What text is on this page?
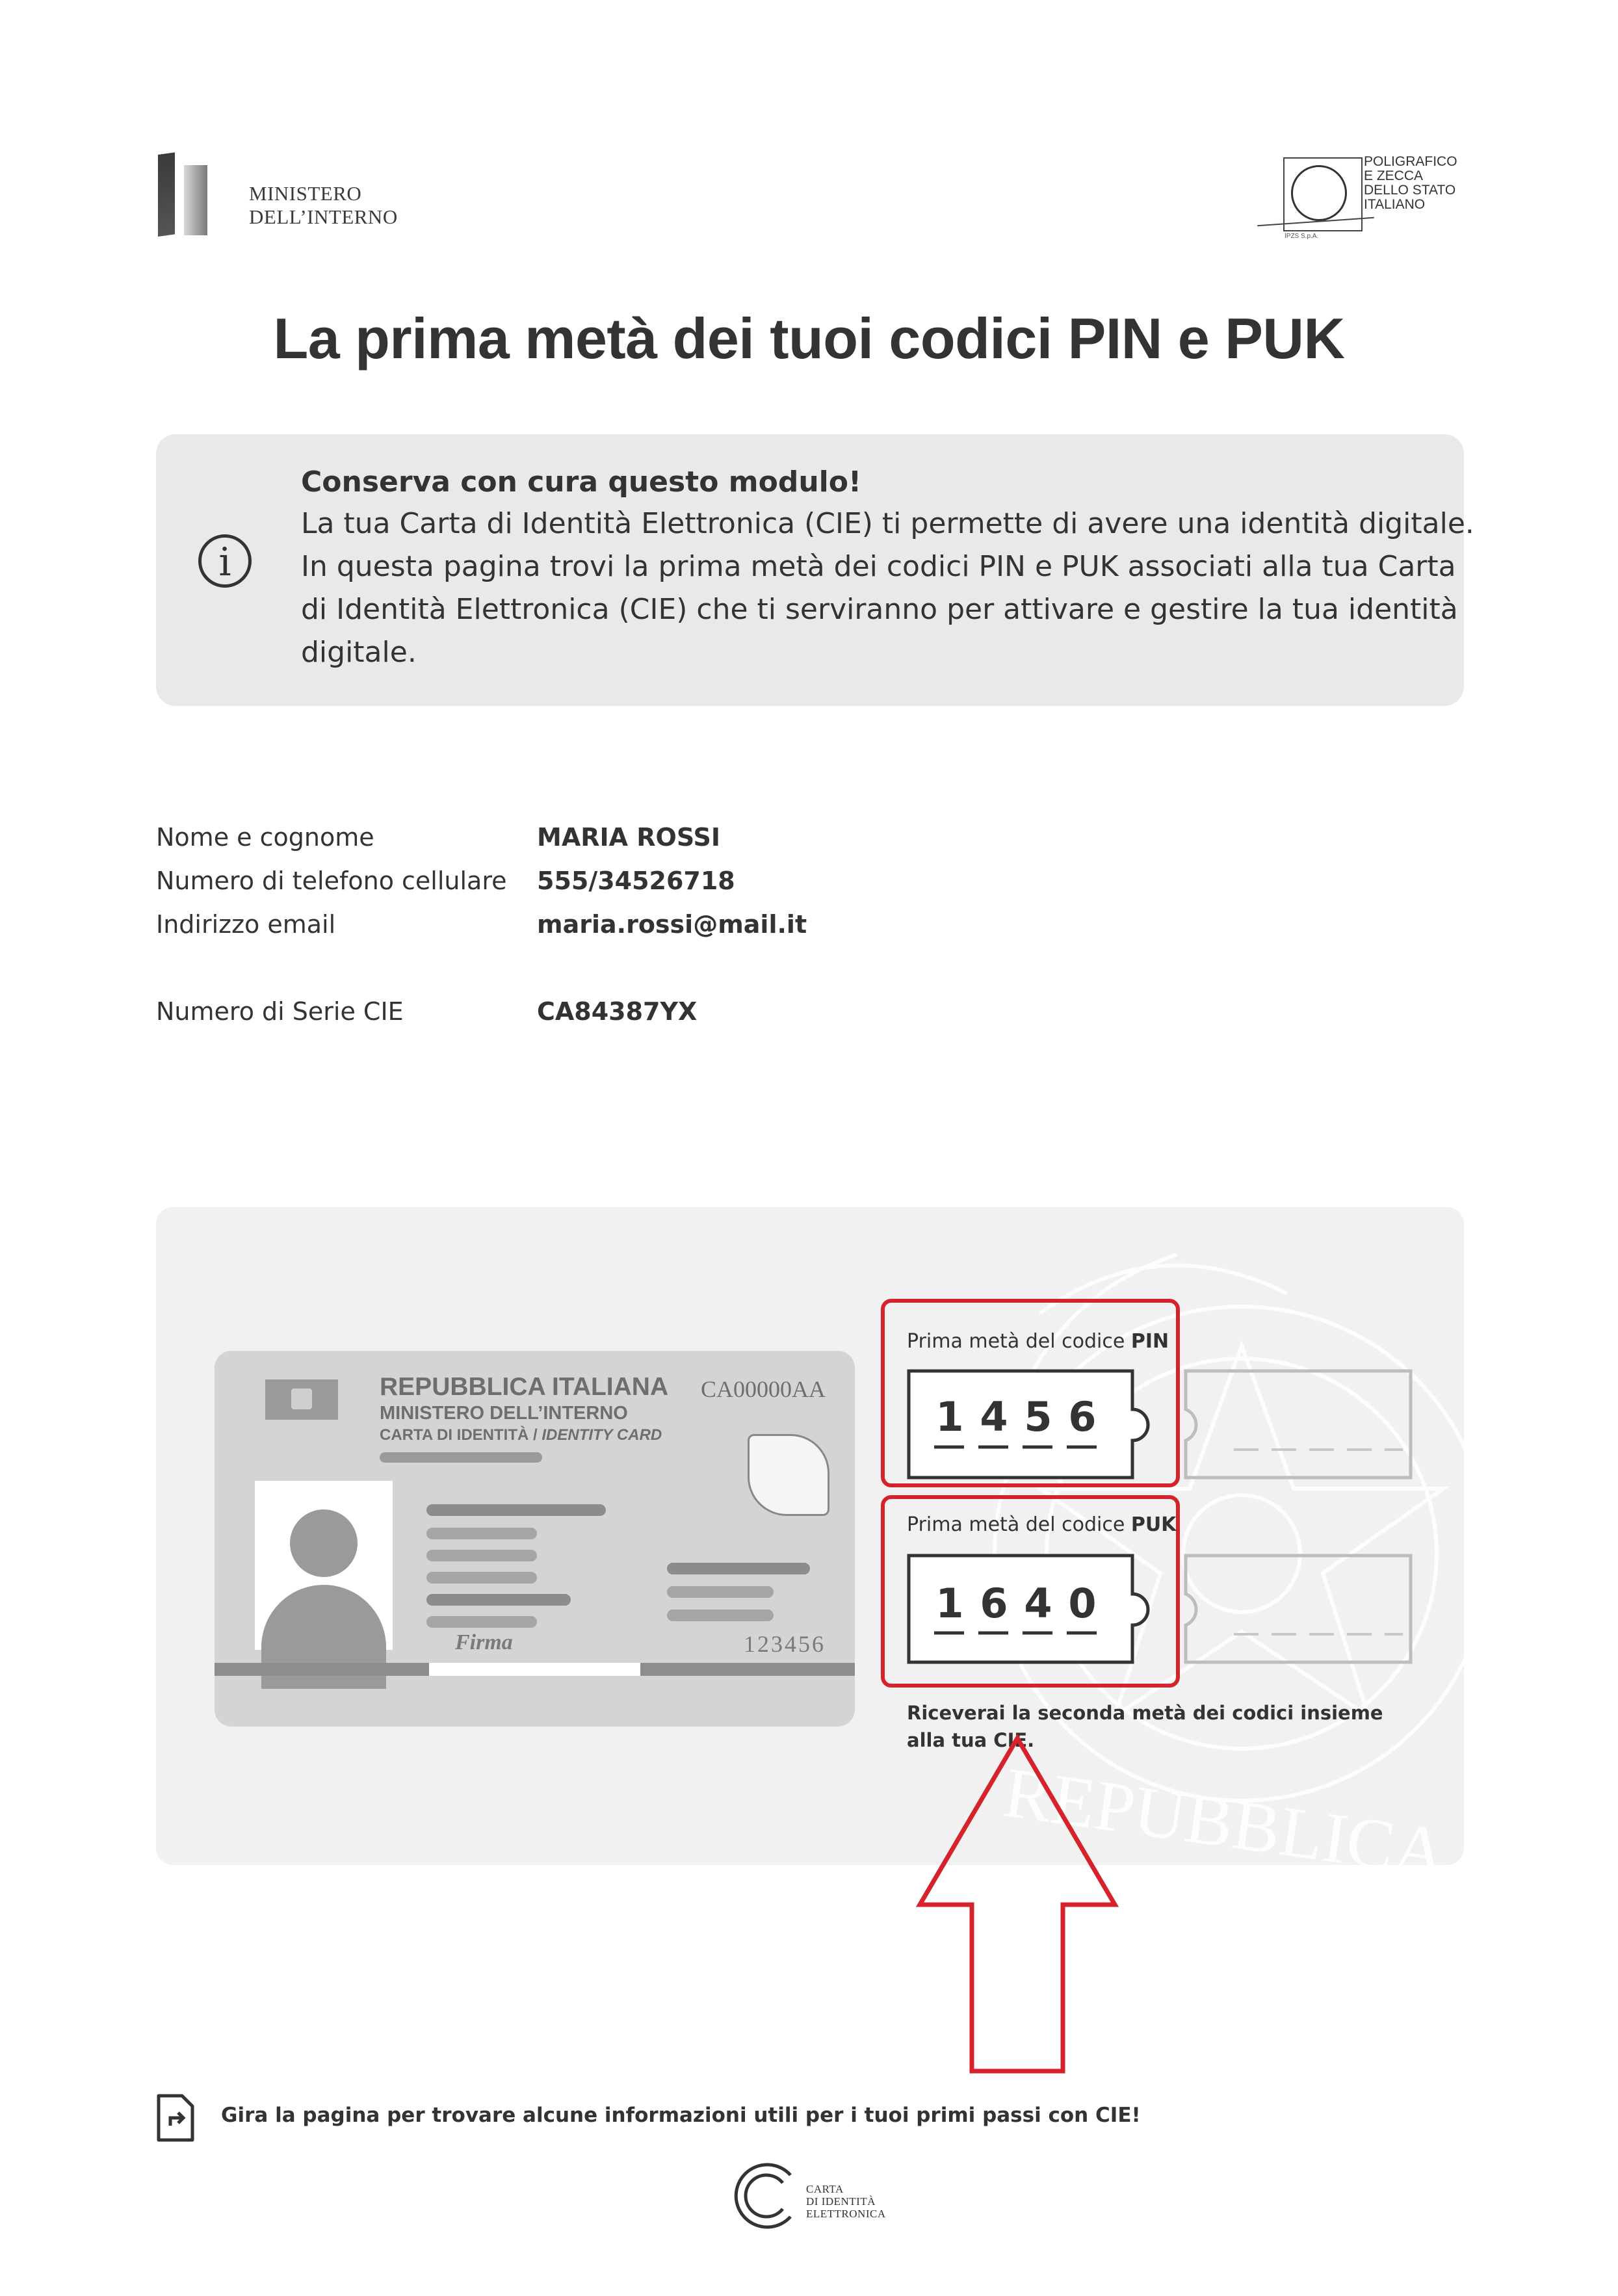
MINISTERO
DELL’INTERNO
POLIGRAFICO
E ZECCA
DELLO STATO
ITALIANO
IPZS S.p.A.
La prima metà dei tuoi codici PIN e PUK
i
Conserva con cura questo modulo!
La tua Carta di Identità Elettronica (CIE) ti permette di avere una identità digitale.
In questa pagina trovi la prima metà dei codici PIN e PUK associati alla tua Carta
di Identità Elettronica (CIE) che ti serviranno per attivare e gestire la tua identità
digitale.
Nome e cognome	MARIA ROSSI
Numero di telefono cellulare 555/34526718
Indirizzo email	maria.rossi@mail.it
Numero di Serie CIE	CA84387YX
REPUBBLICA IT
REPUBBLICA ITALIANA
MINISTERO DELL’INTERNO
CARTA DI IDENTITÀ / IDENTITY CARD
CA00000AA
Firma	123456
Prima metà del codice PIN
1 4 5 6
Prima metà del codice PUK
1 6 4 0
Riceverai la seconda metà dei codici insieme alla tua CIE.
Gira la pagina per trovare alcune informazioni utili per i tuoi primi passi con CIE!
CARTA
DI IDENTITÀ
ELETTRONICA
